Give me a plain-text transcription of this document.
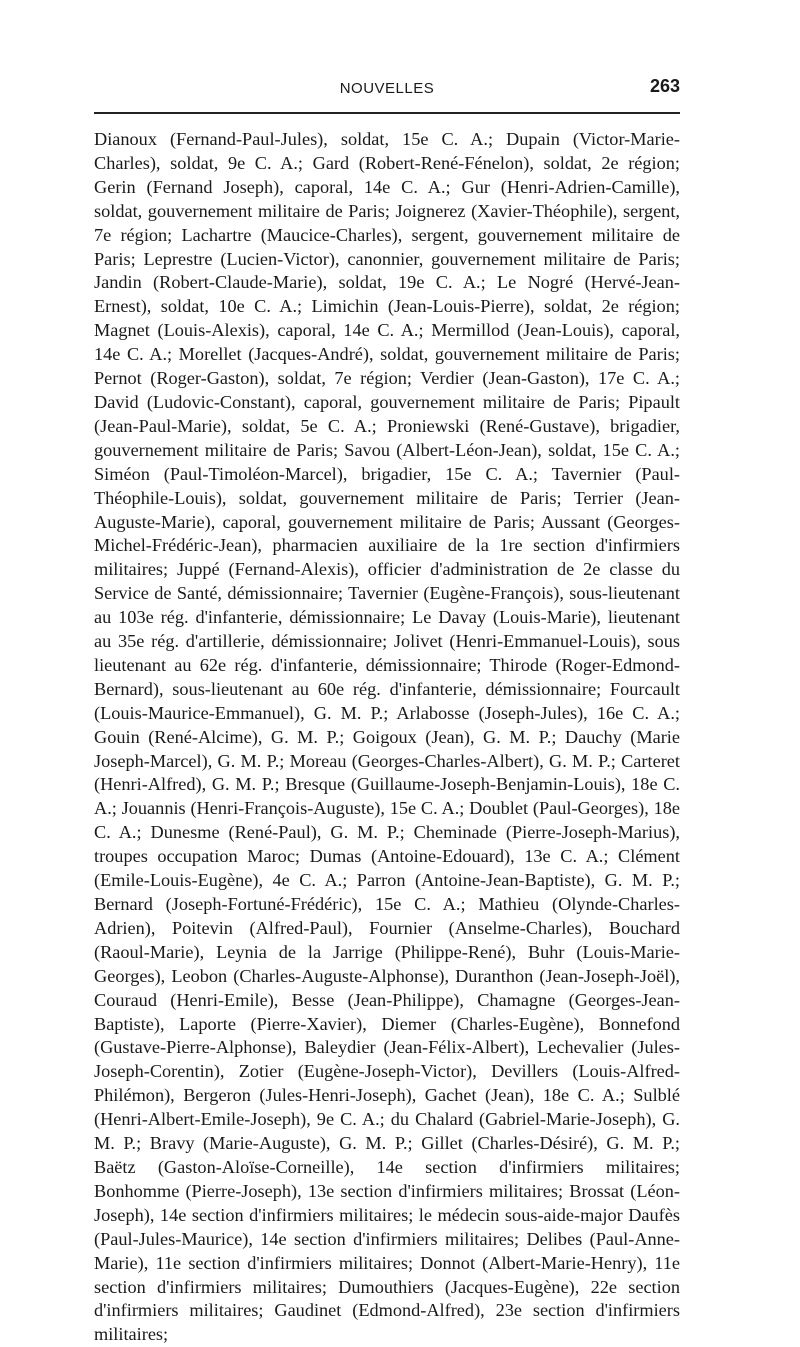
NOUVELLES	263
Dianoux (Fernand-Paul-Jules), soldat, 15e C. A.; Dupain (Victor-Marie-Charles), soldat, 9e C. A.; Gard (Robert-René-Fénelon), soldat, 2e région; Gerin (Fernand Joseph), caporal, 14e C. A.; Gur (Henri-Adrien-Camille), soldat, gouvernement militaire de Paris; Joignerez (Xavier-Théophile), sergent, 7e région; Lachartre (Maucice-Charles), sergent, gouvernement militaire de Paris; Leprestre (Lucien-Victor), canonnier, gouvernement militaire de Paris; Jandin (Robert-Claude-Marie), soldat, 19e C. A.; Le Nogré (Hervé-Jean-Ernest), soldat, 10e C. A.; Limichin (Jean-Louis-Pierre), soldat, 2e région; Magnet (Louis-Alexis), caporal, 14e C. A.; Mermillod (Jean-Louis), caporal, 14e C. A.; Morellet (Jacques-André), soldat, gouvernement militaire de Paris; Pernot (Roger-Gaston), soldat, 7e région; Verdier (Jean-Gaston), 17e C. A.; David (Ludovic-Constant), caporal, gouvernement militaire de Paris; Pipault (Jean-Paul-Marie), soldat, 5e C. A.; Proniewski (René-Gustave), brigadier, gouvernement militaire de Paris; Savou (Albert-Léon-Jean), soldat, 15e C. A.; Siméon (Paul-Timoléon-Marcel), brigadier, 15e C. A.; Tavernier (Paul-Théophile-Louis), soldat, gouvernement militaire de Paris; Terrier (Jean-Auguste-Marie), caporal, gouvernement militaire de Paris; Aussant (Georges-Michel-Frédéric-Jean), pharmacien auxiliaire de la 1re section d'infirmiers militaires; Juppé (Fernand-Alexis), officier d'administration de 2e classe du Service de Santé, démissionnaire; Tavernier (Eugène-François), sous-lieutenant au 103e rég. d'infanterie, démissionnaire; Le Davay (Louis-Marie), lieutenant au 35e rég. d'artillerie, démissionnaire; Jolivet (Henri-Emmanuel-Louis), sous lieutenant au 62e rég. d'infanterie, démissionnaire; Thirode (Roger-Edmond-Bernard), sous-lieutenant au 60e rég. d'infanterie, démissionnaire; Fourcault (Louis-Maurice-Emmanuel), G. M. P.; Arlabosse (Joseph-Jules), 16e C. A.; Gouin (René-Alcime), G. M. P.; Goigoux (Jean), G. M. P.; Dauchy (Marie Joseph-Marcel), G. M. P.; Moreau (Georges-Charles-Albert), G. M. P.; Carteret (Henri-Alfred), G. M. P.; Bresque (Guillaume-Joseph-Benjamin-Louis), 18e C. A.; Jouannis (Henri-François-Auguste), 15e C. A.; Doublet (Paul-Georges), 18e C. A.; Dunesme (René-Paul), G. M. P.; Cheminade (Pierre-Joseph-Marius), troupes occupation Maroc; Dumas (Antoine-Edouard), 13e C. A.; Clément (Emile-Louis-Eugène), 4e C. A.; Parron (Antoine-Jean-Baptiste), G. M. P.; Bernard (Joseph-Fortuné-Frédéric), 15e C. A.; Mathieu (Olynde-Charles-Adrien), Poitevin (Alfred-Paul), Fournier (Anselme-Charles), Bouchard (Raoul-Marie), Leynia de la Jarrige (Philippe-René), Buhr (Louis-Marie-Georges), Leobon (Charles-Auguste-Alphonse), Duranthon (Jean-Joseph-Joël), Couraud (Henri-Emile), Besse (Jean-Philippe), Chamagne (Georges-Jean-Baptiste), Laporte (Pierre-Xavier), Diemer (Charles-Eugène), Bonnefond (Gustave-Pierre-Alphonse), Baleydier (Jean-Félix-Albert), Lechevalier (Jules-Joseph-Corentin), Zotier (Eugène-Joseph-Victor), Devillers (Louis-Alfred-Philémon), Bergeron (Jules-Henri-Joseph), Gachet (Jean), 18e C. A.; Sulblé (Henri-Albert-Emile-Joseph), 9e C. A.; du Chalard (Gabriel-Marie-Joseph), G. M. P.; Bravy (Marie-Auguste), G. M. P.; Gillet (Charles-Désiré), G. M. P.; Baëtz (Gaston-Aloïse-Corneille), 14e section d'infirmiers militaires; Bonhomme (Pierre-Joseph), 13e section d'infirmiers militaires; Brossat (Léon-Joseph), 14e section d'infirmiers militaires; le médecin sous-aide-major Daufès (Paul-Jules-Maurice), 14e section d'infirmiers militaires; Delibes (Paul-Anne-Marie), 11e section d'infirmiers militaires; Donnot (Albert-Marie-Henry), 11e section d'infirmiers militaires; Dumouthiers (Jacques-Eugène), 22e section d'infirmiers militaires; Gaudinet (Edmond-Alfred), 23e section d'infirmiers militaires;
